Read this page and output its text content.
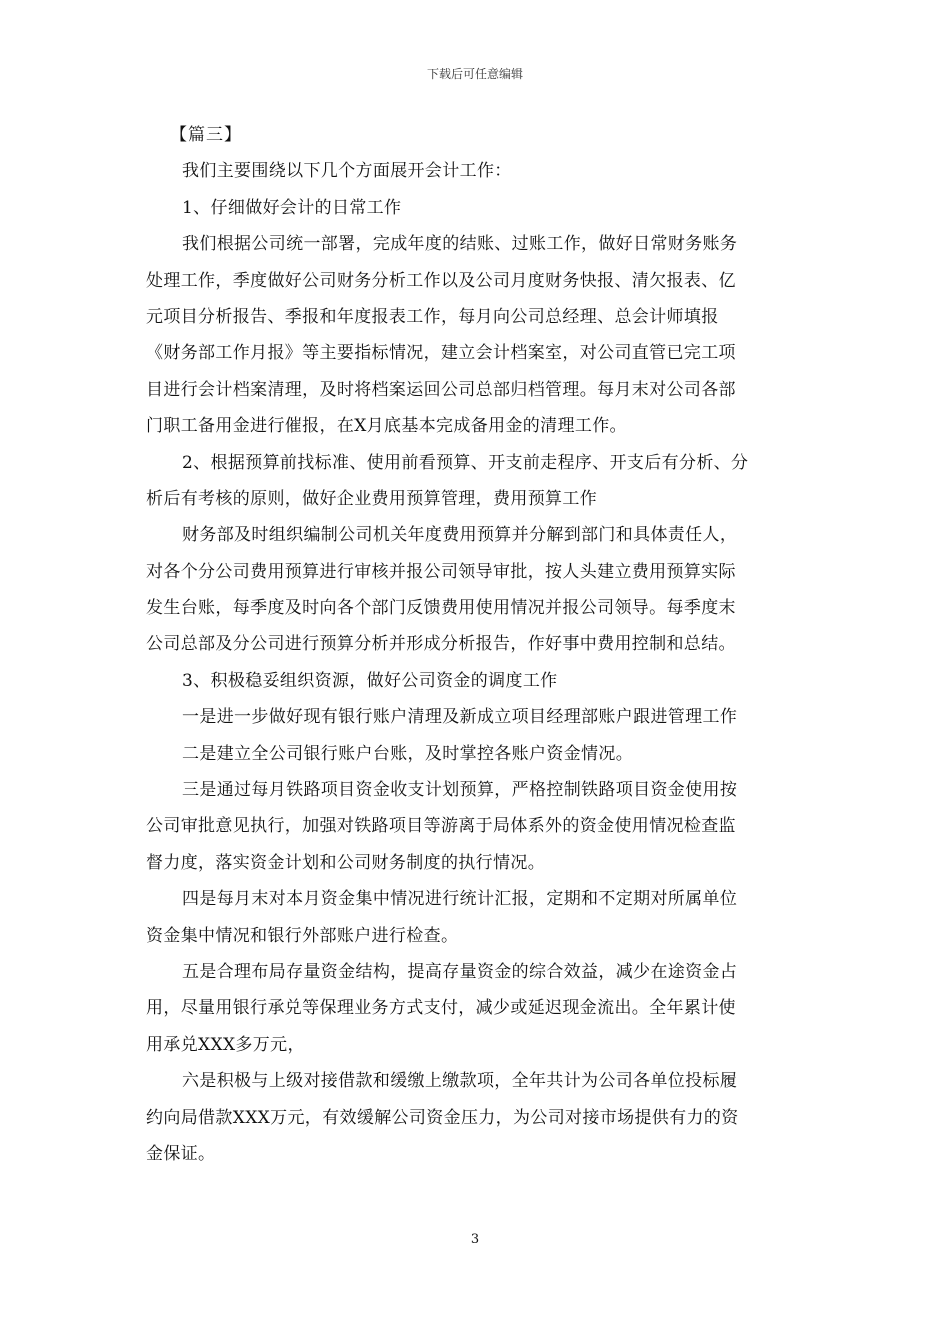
下载后可任意编辑
【篇三】
我们主要围绕以下几个方面展开会计工作：
1、仔细做好会计的日常工作
我们根据公司统一部署，完成年度的结账、过账工作，做好日常财务账务
处理工作，季度做好公司财务分析工作以及公司月度财务快报、清欠报表、亿
元项目分析报告、季报和年度报表工作，每月向公司总经理、总会计师填报
《财务部工作月报》等主要指标情况，建立会计档案室，对公司直管已完工项
目进行会计档案清理，及时将档案运回公司总部归档管理。每月末对公司各部
门职工备用金进行催报，在X月底基本完成备用金的清理工作。
2、根据预算前找标准、使用前看预算、开支前走程序、开支后有分析、分
析后有考核的原则，做好企业费用预算管理，费用预算工作
财务部及时组织编制公司机关年度费用预算并分解到部门和具体责任人，
对各个分公司费用预算进行审核并报公司领导审批，按人头建立费用预算实际
发生台账，每季度及时向各个部门反馈费用使用情况并报公司领导。每季度末
公司总部及分公司进行预算分析并形成分析报告，作好事中费用控制和总结。
3、积极稳妥组织资源，做好公司资金的调度工作
一是进一步做好现有银行账户清理及新成立项目经理部账户跟进管理工作
二是建立全公司银行账户台账，及时掌控各账户资金情况。
三是通过每月铁路项目资金收支计划预算，严格控制铁路项目资金使用按
公司审批意见执行，加强对铁路项目等游离于局体系外的资金使用情况检查监
督力度，落实资金计划和公司财务制度的执行情况。
四是每月末对本月资金集中情况进行统计汇报，定期和不定期对所属单位
资金集中情况和银行外部账户进行检查。
五是合理布局存量资金结构，提高存量资金的综合效益，减少在途资金占
用，尽量用银行承兑等保理业务方式支付，减少或延迟现金流出。全年累计使
用承兑XXX多万元，
六是积极与上级对接借款和缓缴上缴款项，全年共计为公司各单位投标履
约向局借款XXX万元，有效缓解公司资金压力，为公司对接市场提供有力的资
金保证。
3
